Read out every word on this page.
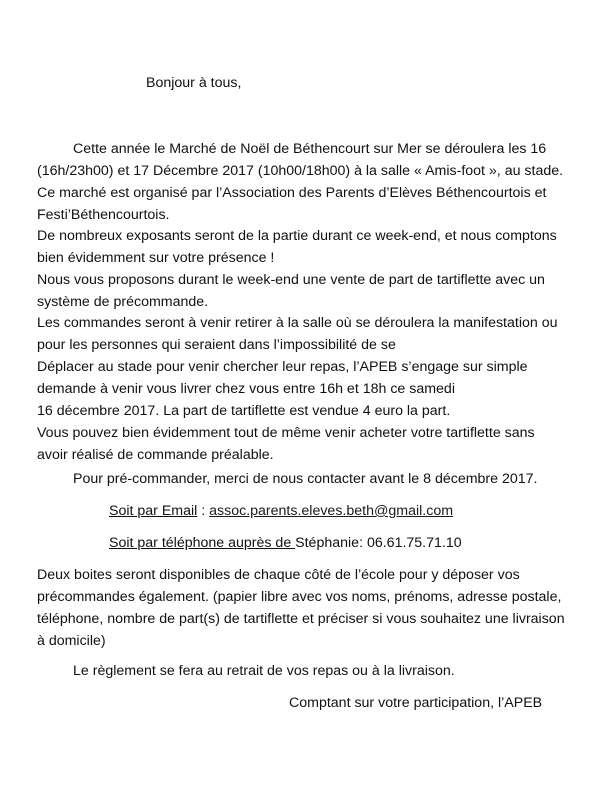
Bonjour à tous,
Cette année le Marché de Noël de Béthencourt sur Mer se déroulera les 16
(16h/23h00) et 17 Décembre 2017 (10h00/18h00) à la salle « Amis-foot », au stade.
Ce marché est organisé par l’Association des Parents d’Elèves Béthencourtois et
Festi’Béthencourtois.
De nombreux exposants seront de la partie durant ce week-end, et nous comptons
bien évidemment sur votre présence !
Nous vous proposons durant le week-end une vente de part de tartiflette avec un
système de précommande.
Les commandes seront à venir retirer à la salle où se déroulera la manifestation ou
pour les personnes qui seraient dans l’impossibilité de se
Déplacer au stade pour venir chercher leur repas, l’APEB s’engage sur simple
demande à venir vous livrer chez vous entre 16h et 18h ce samedi
16 décembre 2017. La part de tartiflette est vendue 4 euro la part.
Vous pouvez bien évidemment tout de même venir acheter votre tartiflette sans
avoir réalisé de commande préalable.
Pour pré-commander, merci de nous contacter avant le 8 décembre 2017.
Soit par Email : assoc.parents.eleves.beth@gmail.com
Soit par téléphone auprès de Stéphanie: 06.61.75.71.10
Deux boites seront disponibles de chaque côté de l’école pour y déposer vos
précommandes également. (papier libre avec vos noms, prénoms, adresse postale,
téléphone, nombre de part(s) de tartiflette et préciser si vous souhaitez une livraison
à domicile)
Le règlement se fera au retrait de vos repas ou à la livraison.
Comptant sur votre participation, l’APEB
